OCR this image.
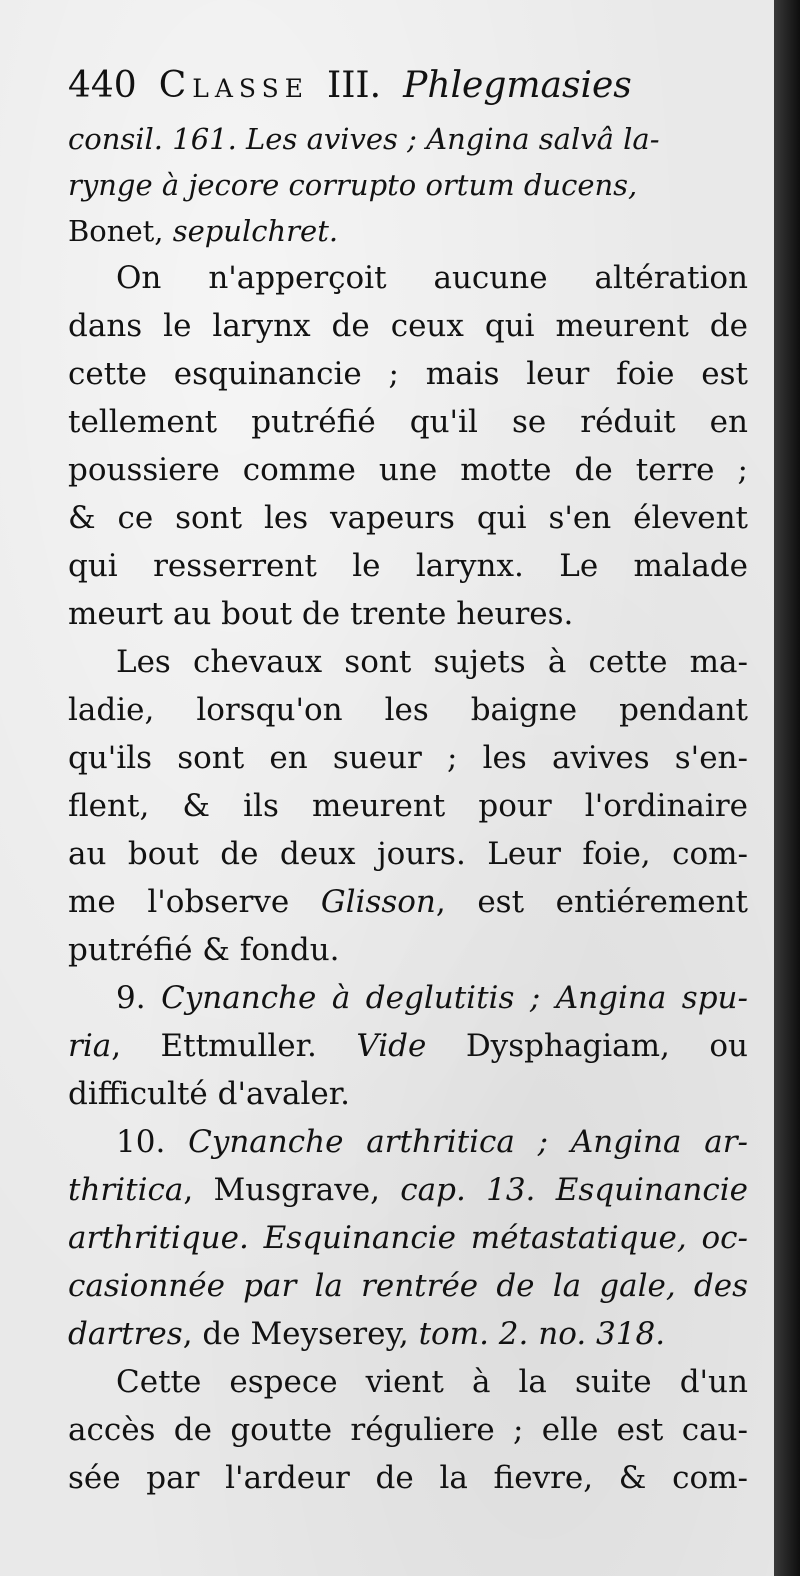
440 Classe III. Phlegmasies
consil. 161. Les avives ; Angina salvâ la-
rynge à jecore corrupto ortum ducens,
Bonet, sepulchret.
On n'apperçoit aucune altération
dans le larynx de ceux qui meurent de
cette esquinancie ; mais leur foie est
tellement putréfié qu'il se réduit en
poussiere comme une motte de terre ;
& ce sont les vapeurs qui s'en élevent
qui resserrent le larynx. Le malade
meurt au bout de trente heures.
Les chevaux sont sujets à cette ma-
ladie, lorsqu'on les baigne pendant
qu'ils sont en sueur ; les avives s'en-
flent, & ils meurent pour l'ordinaire
au bout de deux jours. Leur foie, com-
me l'observe Glisson, est entiérement
putréfié & fondu.
9. Cynanche à deglutitis ; Angina spu-
ria, Ettmuller. Vide Dysphagiam, ou
difficulté d'avaler.
10. Cynanche arthritica ; Angina ar-
thritica, Musgrave, cap. 13. Esquinancie
arthritique. Esquinancie métastatique, oc-
casionnée par la rentrée de la gale, des
dartres, de Meyserey, tom. 2. no. 318.
Cette espece vient à la suite d'un
accès de goutte réguliere ; elle est cau-
sée par l'ardeur de la fievre, & com-
